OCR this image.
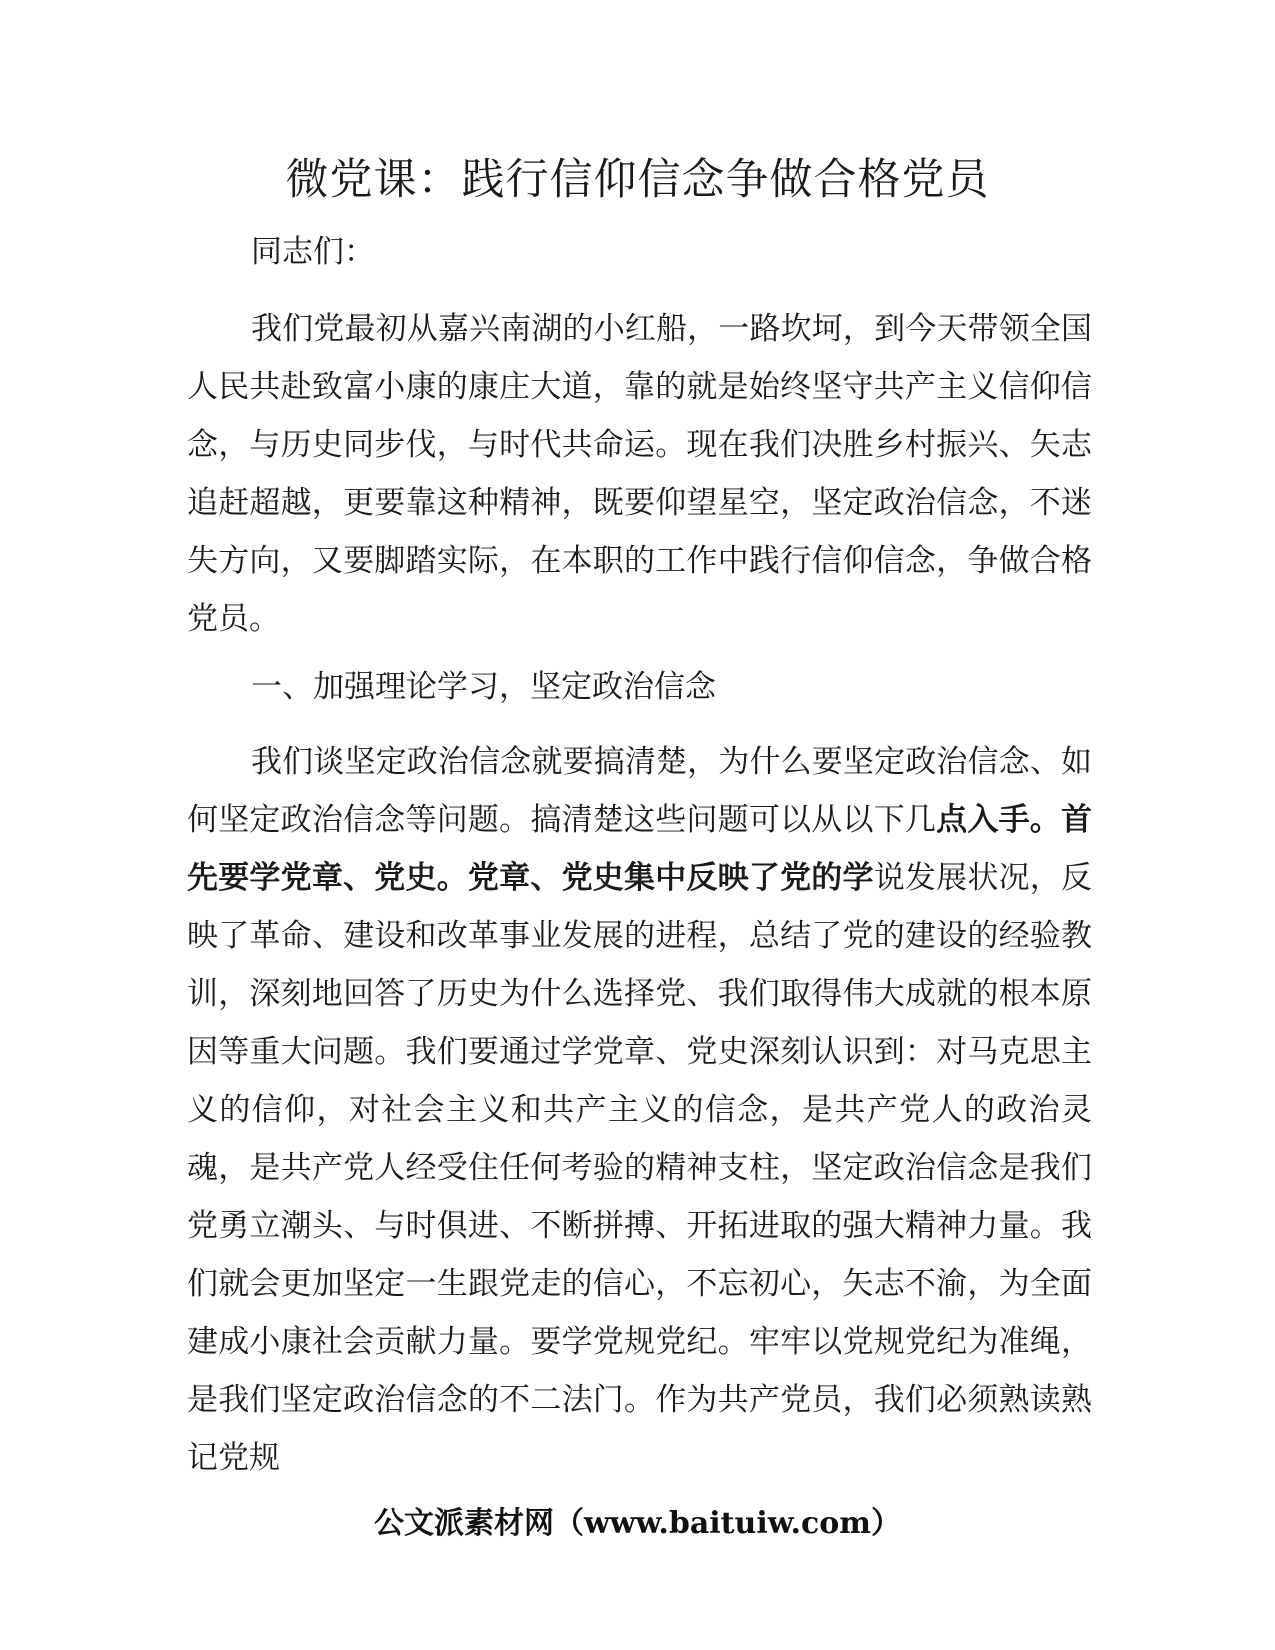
微党课：践行信仰信念争做合格党员
同志们：
我们党最初从嘉兴南湖的小红船，一路坎坷，到今天带领全国人民共赴致富小康的康庄大道，靠的就是始终坚守共产主义信仰信念，与历史同步伐，与时代共命运。现在我们决胜乡村振兴、矢志追赶超越，更要靠这种精神，既要仰望星空，坚定政治信念，不迷失方向，又要脚踏实际，在本职的工作中践行信仰信念，争做合格党员。
一、加强理论学习，坚定政治信念
我们谈坚定政治信念就要搞清楚，为什么要坚定政治信念、如何坚定政治信念等问题。搞清楚这些问题可以从以下几点入手。首先要学党章、党史。党章、党史集中反映了党的学说发展状况，反映了革命、建设和改革事业发展的进程，总结了党的建设的经验教训，深刻地回答了历史为什么选择党、我们取得伟大成就的根本原因等重大问题。我们要通过学党章、党史深刻认识到：对马克思主义的信仰，对社会主义和共产主义的信念，是共产党人的政治灵魂，是共产党人经受住任何考验的精神支柱，坚定政治信念是我们党勇立潮头、与时俱进、不断拼搏、开拓进取的强大精神力量。我们就会更加坚定一生跟党走的信心，不忘初心，矢志不渝，为全面建成小康社会贡献力量。要学党规党纪。牢牢以党规党纪为准绳，是我们坚定政治信念的不二法门。作为共产党员，我们必须熟读熟记党规
公文派素材网（www.baituiw.com）
